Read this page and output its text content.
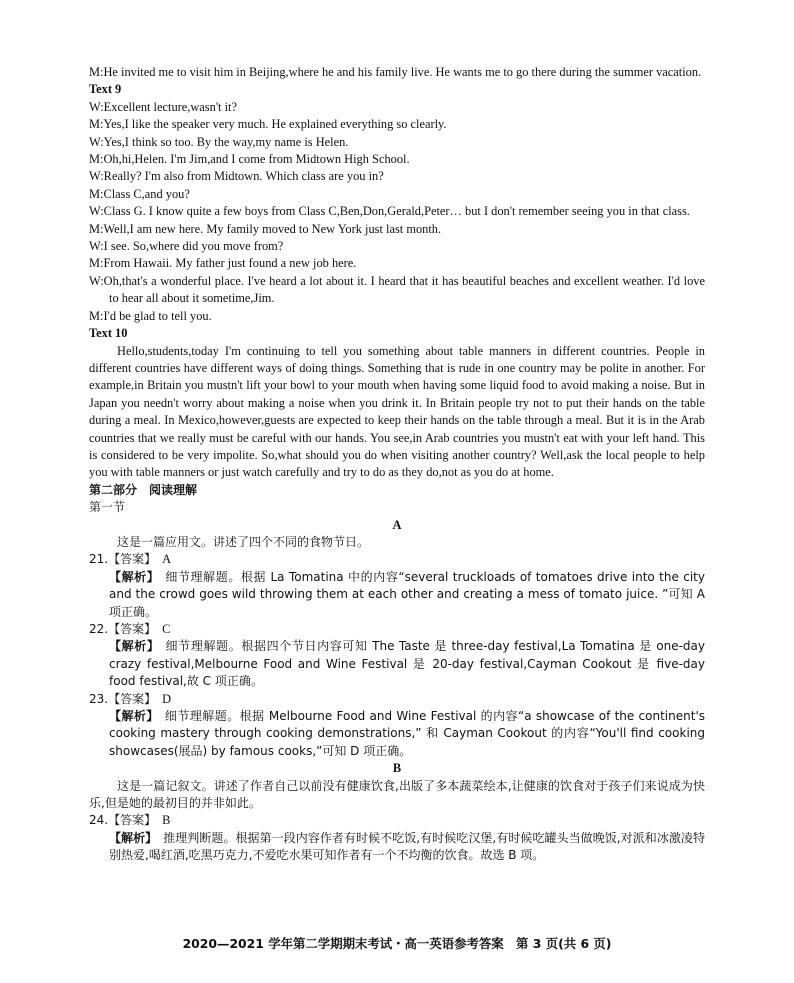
M:He invited me to visit him in Beijing,where he and his family live. He wants me to go there during the summer vacation.

Text 9

W:Excellent lecture,wasn't it?

M:Yes,I like the speaker very much. He explained everything so clearly.

W:Yes,I think so too. By the way,my name is Helen.

M:Oh,hi,Helen. I'm Jim,and I come from Midtown High School.

W:Really? I'm also from Midtown. Which class are you in?

M:Class C,and you?

W:Class G. I know quite a few boys from Class C,Ben,Don,Gerald,Peter… but I don't remember seeing you in that class.

M:Well,I am new here. My family moved to New York just last month.

W:I see. So,where did you move from?

M:From Hawaii. My father just found a new job here.

W:Oh,that's a wonderful place. I've heard a lot about it. I heard that it has beautiful beaches and excellent weather. I'd love to hear all about it sometime,Jim.

M:I'd be glad to tell you.

Text 10

Hello,students,today I'm continuing to tell you something about table manners in different countries. People in different countries have different ways of doing things. Something that is rude in one country may be polite in another. For example,in Britain you mustn't lift your bowl to your mouth when having some liquid food to avoid making a noise. But in Japan you needn't worry about making a noise when you drink it. In Britain people try not to put their hands on the table during a meal. In Mexico,however,guests are expected to keep their hands on the table through a meal. But it is in the Arab countries that we really must be careful with our hands. You see,in Arab countries you mustn't eat with your left hand. This is considered to be very impolite. So,what should you do when visiting another country? Well,ask the local people to help you with table manners or just watch carefully and try to do as they do,not as you do at home.

第二部分　阅读理解

第一节

A

这是一篇应用文。讲述了四个不同的食物节日。

21.【答案】 A

【解析】 细节理解题。根据 La Tomatina 中的内容“several truckloads of tomatoes drive into the city and the crowd goes wild throwing them at each other and creating a mess of tomato juice. ”可知 A 项正确。

22.【答案】 C

【解析】 细节理解题。根据四个节日内容可知 The Taste 是 three-day festival,La Tomatina 是 one-day crazy festival,Melbourne Food and Wine Festival 是 20-day festival,Cayman Cookout 是 five-day food festival,故 C 项正确。

23.【答案】 D

【解析】 细节理解题。根据 Melbourne Food and Wine Festival 的内容“a showcase of the continent's cooking mastery through cooking demonstrations,” 和 Cayman Cookout 的内容“You'll find cooking showcases(展品) by famous cooks,”可知 D 项正确。

B

这是一篇记叙文。讲述了作者自己以前没有健康饮食,出版了多本蔬菜绘本,让健康的饮食对于孩子们来说成为快乐,但是她的最初目的并非如此。

24.【答案】 B

【解析】 推理判断题。根据第一段内容作者有时候不吃饭,有时候吃汉堡,有时候吃罐头当做晚饭,对派和冰激凌特别热爱,喝红酒,吃黑巧克力,不爱吃水果可知作者有一个不均衡的饮食。故选 B 项。

2020—2021 学年第二学期期末考试・高一英语参考答案　第 3 页(共 6 页)
